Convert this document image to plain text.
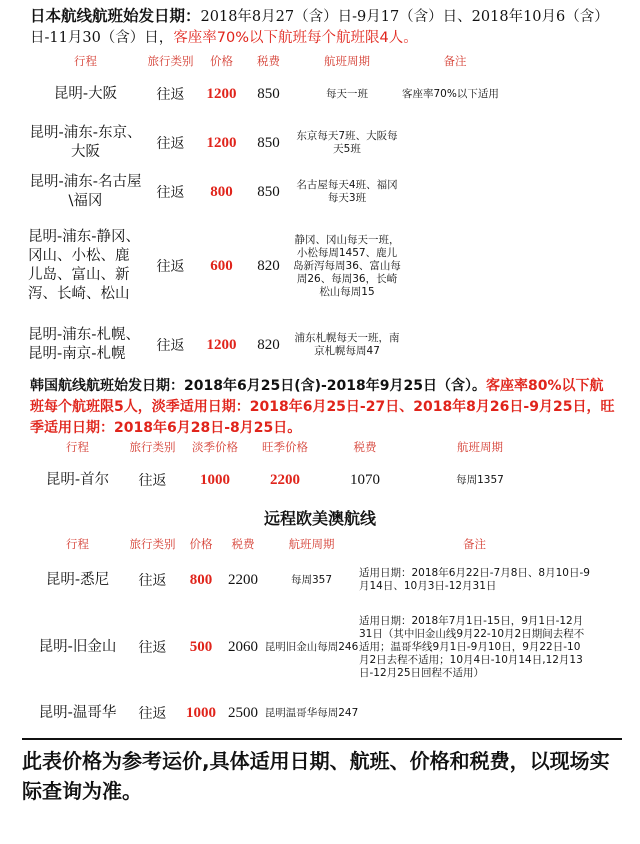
日本航线航班始发日期：2018年8月27（含）日-9月17（含）日、2018年10月6（含）日-11月30（含）日，客座率70%以下航班每个航班限4人。
行程	旅行类别	价格	税费	航班周期	备注
昆明-大阪	往返	1200	850	每天一班	客座率70%以下适用
昆明-浦东-东京、大阪	往返	1200	850	东京每天7班、大阪每天5班	
昆明-浦东-名古屋\福冈	往返	800	850	名古屋每天4班、福冈每天3班	
昆明-浦东-静冈、冈山、小松、鹿儿岛、富山、新泻、长崎、松山	往返	600	820	静冈、冈山每天一班，小松每周1457、鹿儿岛新泻每周36、富山每周26、每周36，长崎松山每周15	
昆明-浦东-札幌、昆明-南京-札幌	往返	1200	820	浦东札幌每天一班，南京札幌每周47	
韩国航线航班始发日期：2018年6月25日(含)-2018年9月25日（含）。客座率80%以下航班每个航班限5人，淡季适用日期：2018年6月25日-27日、2018年8月26日-9月25日，旺季适用日期：2018年6月28日-8月25日。
行程	旅行类别	淡季价格	旺季价格	税费	航班周期
昆明-首尔	往返	1000	2200	1070	每周1357
远程欧美澳航线
行程	旅行类别	价格	税费	航班周期	备注
昆明-悉尼	往返	800	2200	每周357	适用日期：2018年6月22日-7月8日、8月10日-9月14日、10月3日-12月31日
昆明-旧金山	往返	500	2060	昆明旧金山每周246	适用日期：2018年7月1日-15日，9月1日-12月31日（其中旧金山线9月22-10月2日期间去程不适用；温哥华线9月1日-9月10日，9月22日-10月2日去程不适用；10月4日-10月14日,12月13日-12月25日回程不适用）
昆明-温哥华	往返	1000	2500	昆明温哥华每周247	
此表价格为参考运价,具体适用日期、航班、价格和税费，以现场实际查询为准。
